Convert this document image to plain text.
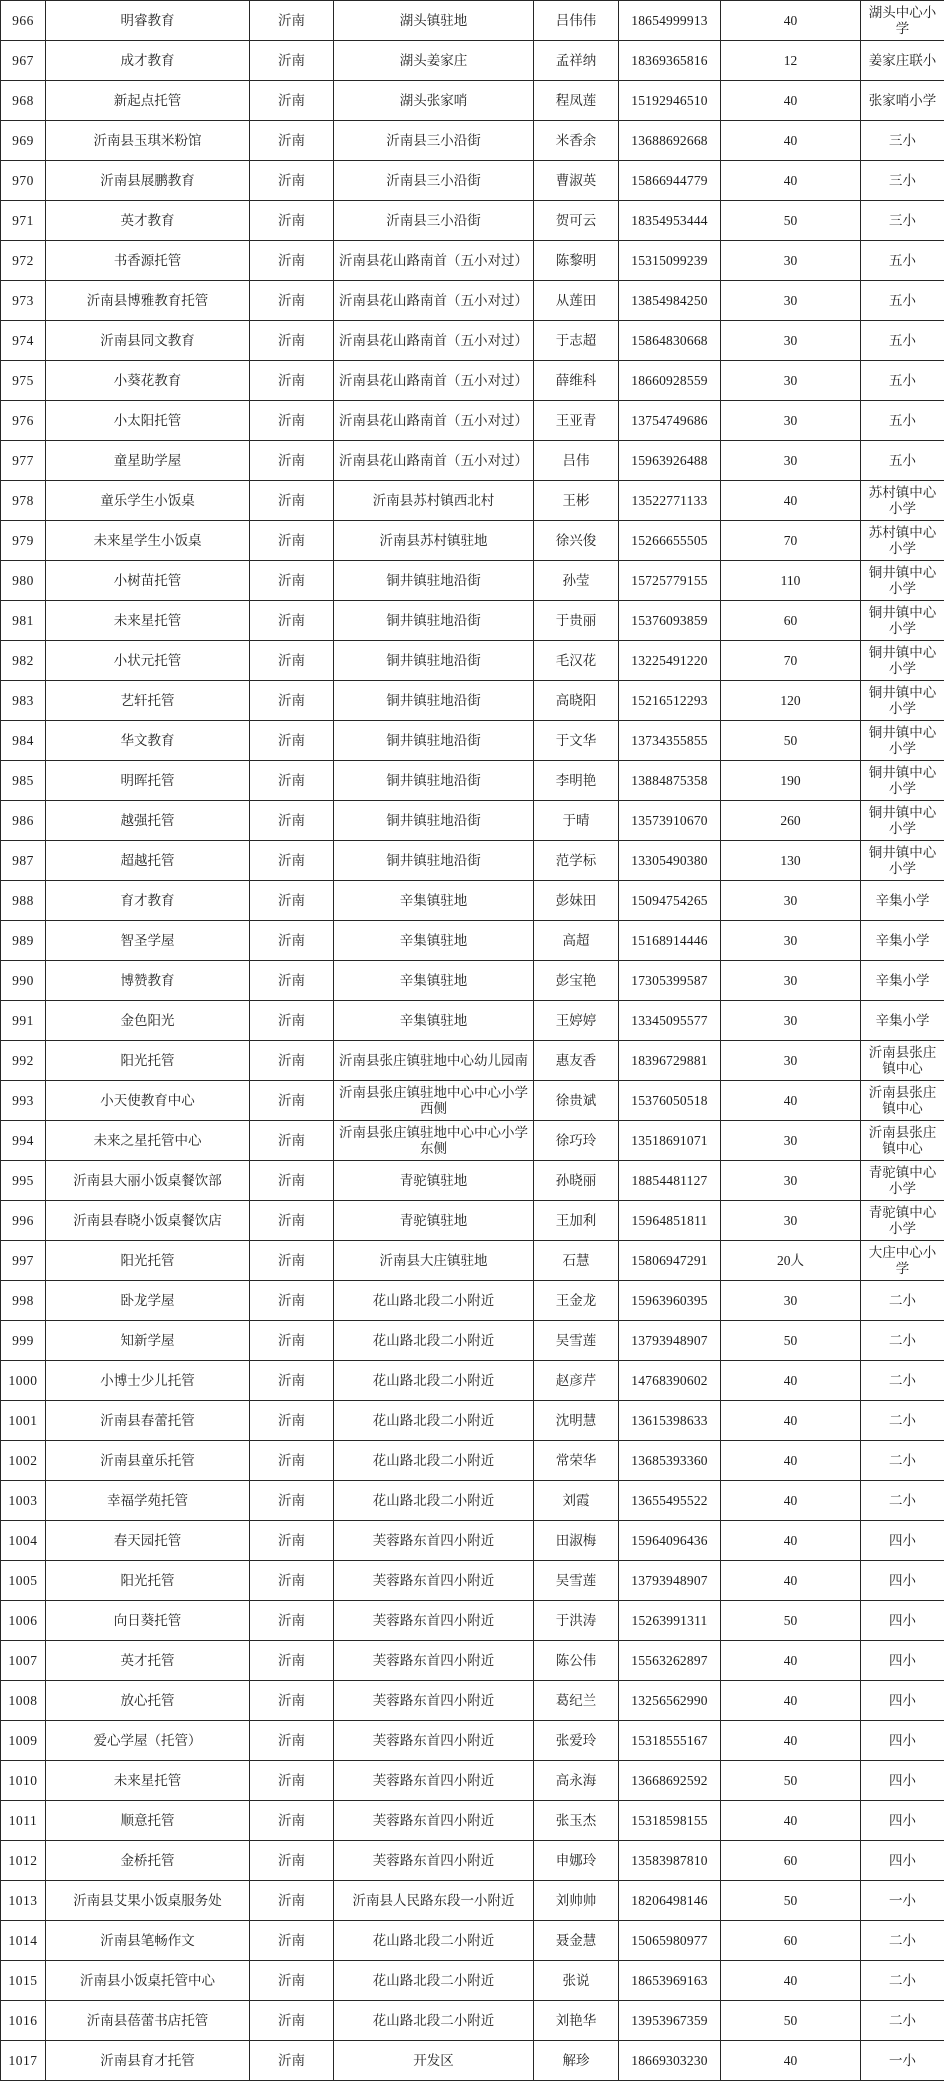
966	明睿教育	沂南	湖头镇驻地	吕伟伟	18654999913	40	湖头中心小学
967	成才教育	沂南	湖头姜家庄	孟祥纳	18369365816	12	姜家庄联小
968	新起点托管	沂南	湖头张家哨	程凤莲	15192946510	40	张家哨小学
969	沂南县玉琪米粉馆	沂南	沂南县三小沿街	米香余	13688692668	40	三小
970	沂南县展鹏教育	沂南	沂南县三小沿街	曹淑英	15866944779	40	三小
971	英才教育	沂南	沂南县三小沿街	贺可云	18354953444	50	三小
972	书香源托管	沂南	沂南县花山路南首（五小对过）	陈黎明	15315099239	30	五小
973	沂南县博雅教育托管	沂南	沂南县花山路南首（五小对过）	从莲田	13854984250	30	五小
974	沂南县同文教育	沂南	沂南县花山路南首（五小对过）	于志超	15864830668	30	五小
975	小葵花教育	沂南	沂南县花山路南首（五小对过）	薛维科	18660928559	30	五小
976	小太阳托管	沂南	沂南县花山路南首（五小对过）	王亚青	13754749686	30	五小
977	童星助学屋	沂南	沂南县花山路南首（五小对过）	吕伟	15963926488	30	五小
978	童乐学生小饭桌	沂南	沂南县苏村镇西北村	王彬	13522771133	40	苏村镇中心小学
979	未来星学生小饭桌	沂南	沂南县苏村镇驻地	徐兴俊	15266655505	70	苏村镇中心小学
980	小树苗托管	沂南	铜井镇驻地沿街	孙莹	15725779155	110	铜井镇中心小学
981	未来星托管	沂南	铜井镇驻地沿街	于贵丽	15376093859	60	铜井镇中心小学
982	小状元托管	沂南	铜井镇驻地沿街	毛汉花	13225491220	70	铜井镇中心小学
983	艺轩托管	沂南	铜井镇驻地沿街	高晓阳	15216512293	120	铜井镇中心小学
984	华文教育	沂南	铜井镇驻地沿街	于文华	13734355855	50	铜井镇中心小学
985	明晖托管	沂南	铜井镇驻地沿街	李明艳	13884875358	190	铜井镇中心小学
986	越强托管	沂南	铜井镇驻地沿街	于晴	13573910670	260	铜井镇中心小学
987	超越托管	沂南	铜井镇驻地沿街	范学标	13305490380	130	铜井镇中心小学
988	育才教育	沂南	辛集镇驻地	彭妹田	15094754265	30	辛集小学
989	智圣学屋	沂南	辛集镇驻地	高超	15168914446	30	辛集小学
990	博赞教育	沂南	辛集镇驻地	彭宝艳	17305399587	30	辛集小学
991	金色阳光	沂南	辛集镇驻地	王婷婷	13345095577	30	辛集小学
992	阳光托管	沂南	沂南县张庄镇驻地中心幼儿园南	惠友香	18396729881	30	沂南县张庄镇中心
993	小天使教育中心	沂南	沂南县张庄镇驻地中心中心小学西侧	徐贵斌	15376050518	40	沂南县张庄镇中心
994	未来之星托管中心	沂南	沂南县张庄镇驻地中心中心小学东侧	徐巧玲	13518691071	30	沂南县张庄镇中心
995	沂南县大丽小饭桌餐饮部	沂南	青驼镇驻地	孙晓丽	18854481127	30	青驼镇中心小学
996	沂南县春晓小饭桌餐饮店	沂南	青驼镇驻地	王加利	15964851811	30	青驼镇中心小学
997	阳光托管	沂南	沂南县大庄镇驻地	石慧	15806947291	20人	大庄中心小学
998	卧龙学屋	沂南	花山路北段二小附近	王金龙	15963960395	30	二小
999	知新学屋	沂南	花山路北段二小附近	吴雪莲	13793948907	50	二小
1000	小博士少儿托管	沂南	花山路北段二小附近	赵彦芹	14768390602	40	二小
1001	沂南县春蕾托管	沂南	花山路北段二小附近	沈明慧	13615398633	40	二小
1002	沂南县童乐托管	沂南	花山路北段二小附近	常荣华	13685393360	40	二小
1003	幸福学苑托管	沂南	花山路北段二小附近	刘霞	13655495522	40	二小
1004	春天园托管	沂南	芙蓉路东首四小附近	田淑梅	15964096436	40	四小
1005	阳光托管	沂南	芙蓉路东首四小附近	吴雪莲	13793948907	40	四小
1006	向日葵托管	沂南	芙蓉路东首四小附近	于洪涛	15263991311	50	四小
1007	英才托管	沂南	芙蓉路东首四小附近	陈公伟	15563262897	40	四小
1008	放心托管	沂南	芙蓉路东首四小附近	葛纪兰	13256562990	40	四小
1009	爱心学屋（托管）	沂南	芙蓉路东首四小附近	张爱玲	15318555167	40	四小
1010	未来星托管	沂南	芙蓉路东首四小附近	高永海	13668692592	50	四小
1011	顺意托管	沂南	芙蓉路东首四小附近	张玉杰	15318598155	40	四小
1012	金桥托管	沂南	芙蓉路东首四小附近	申娜玲	13583987810	60	四小
1013	沂南县艾果小饭桌服务处	沂南	沂南县人民路东段一小附近	刘帅帅	18206498146	50	一小
1014	沂南县笔畅作文	沂南	花山路北段二小附近	聂金慧	15065980977	60	二小
1015	沂南县小饭桌托管中心	沂南	花山路北段二小附近	张说	18653969163	40	二小
1016	沂南县蓓蕾书店托管	沂南	花山路北段二小附近	刘艳华	13953967359	50	二小
1017	沂南县育才托管	沂南	开发区	解珍	18669303230	40	一小
